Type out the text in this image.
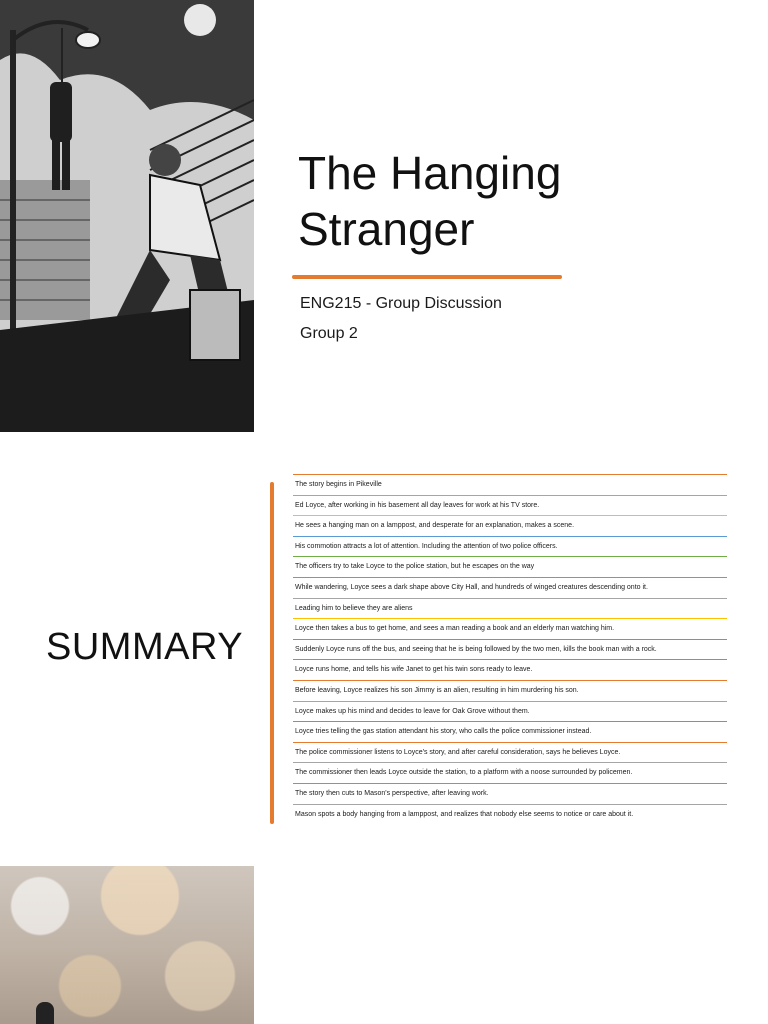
The Hanging
Stranger
ENG215 - Group Discussion
Group 2
SUMMARY
The story begins in Pikeville
Ed Loyce, after working in his basement all day leaves for work at his TV store.
He sees a hanging man on a lamppost, and desperate for an explanation, makes a scene.
His commotion attracts a lot of attention. Including the attention of two police officers.
The officers try to take Loyce to the police station, but he escapes on the way
While wandering, Loyce sees a dark shape above City Hall, and hundreds of winged creatures descending onto it.
Leading him to believe they are aliens
Loyce then takes a bus to get home, and sees a man reading a book and an elderly man watching him.
Suddenly Loyce runs off the bus, and seeing that he is being followed by the two men, kills the book man with a rock.
Loyce runs home, and tells his wife Janet to get his twin sons ready to leave.
Before leaving, Loyce realizes his son Jimmy is an alien, resulting in him murdering his son.
Loyce makes up his mind and decides to leave for Oak Grove without them.
Loyce tries telling the gas station attendant his story, who calls the police commissioner instead.
The police commissioner listens to Loyce's story, and after careful consideration, says he believes Loyce.
The commissioner then leads Loyce outside the station, to a platform with a noose surrounded by policemen.
The story then cuts to Mason's perspective, after leaving work.
Mason spots a body hanging from a lamppost, and realizes that nobody else seems to notice or care about it.
